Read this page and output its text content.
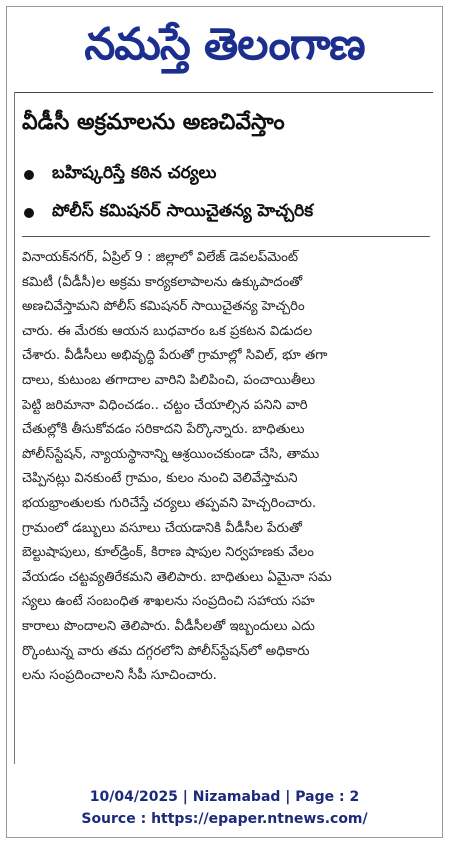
నమస్తే తెలంగాణ
వీడీసీ అక్రమాలను అణచివేస్తాం
బహిష్కరిస్తే కఠిన చర్యలు
పోలీస్ కమిషనర్ సాయిచైతన్య హెచ్చరిక
వినాయక్‌నగర్, ఏప్రిల్ 9 : జిల్లాలో విలేజ్ డెవలప్‌మెంట్
కమిటీ (వీడీసీ)ల అక్రమ కార్యకలాపాలను ఉక్కుపాదంతో
అణచివేస్తామని పోలీస్ కమిషనర్ సాయిచైతన్య హెచ్చరిం
చారు. ఈ మేరకు ఆయన బుధవారం ఒక ప్రకటన విడుదల
చేశారు. వీడీసీలు అభివృద్ధి పేరుతో గ్రామాల్లో సివిల్, భూ తగా
దాలు, కుటుంబ తగాదాల వారిని పిలిపించి, పంచాయితీలు
పెట్టి జరిమానా విధించడం.. చట్టం చేయాల్సిన పనిని వారి
చేతుల్లోకి తీసుకోవడం సరికాదని పేర్కొన్నారు. బాధితులు
పోలీస్‌స్టేషన్, న్యాయస్థానాన్ని ఆశ్రయించకుండా చేసి, తాము
చెప్పినట్లు వినకుంటే గ్రామం, కులం నుంచి వెలివేస్తామని
భయభ్రాంతులకు గురిచేస్తే చర్యలు తప్పవని హెచ్చరించారు.
గ్రామంలో డబ్బులు వసూలు చేయడానికి వీడీసీల పేరుతో
బెల్టుషాపులు, కూల్‌డ్రింక్, కిరాణ షాపుల నిర్వహణకు వేలం
వేయడం చట్టవ్యతిరేకమని తెలిపారు. బాధితులు ఏమైనా సమ
స్యలు ఉంటే సంబంధిత శాఖలను సంప్రదించి సహాయ సహ
కారాలు పొందాలని తెలిపారు. వీడీసీలతో ఇబ్బందులు ఎదు
ర్కొంటున్న వారు తమ దగ్గరలోని పోలీస్‌స్టేషన్‌లో అధికారు
లను సంప్రదించాలని సీపీ సూచించారు.
10/04/2025 | Nizamabad | Page : 2
Source : https://epaper.ntnews.com/
